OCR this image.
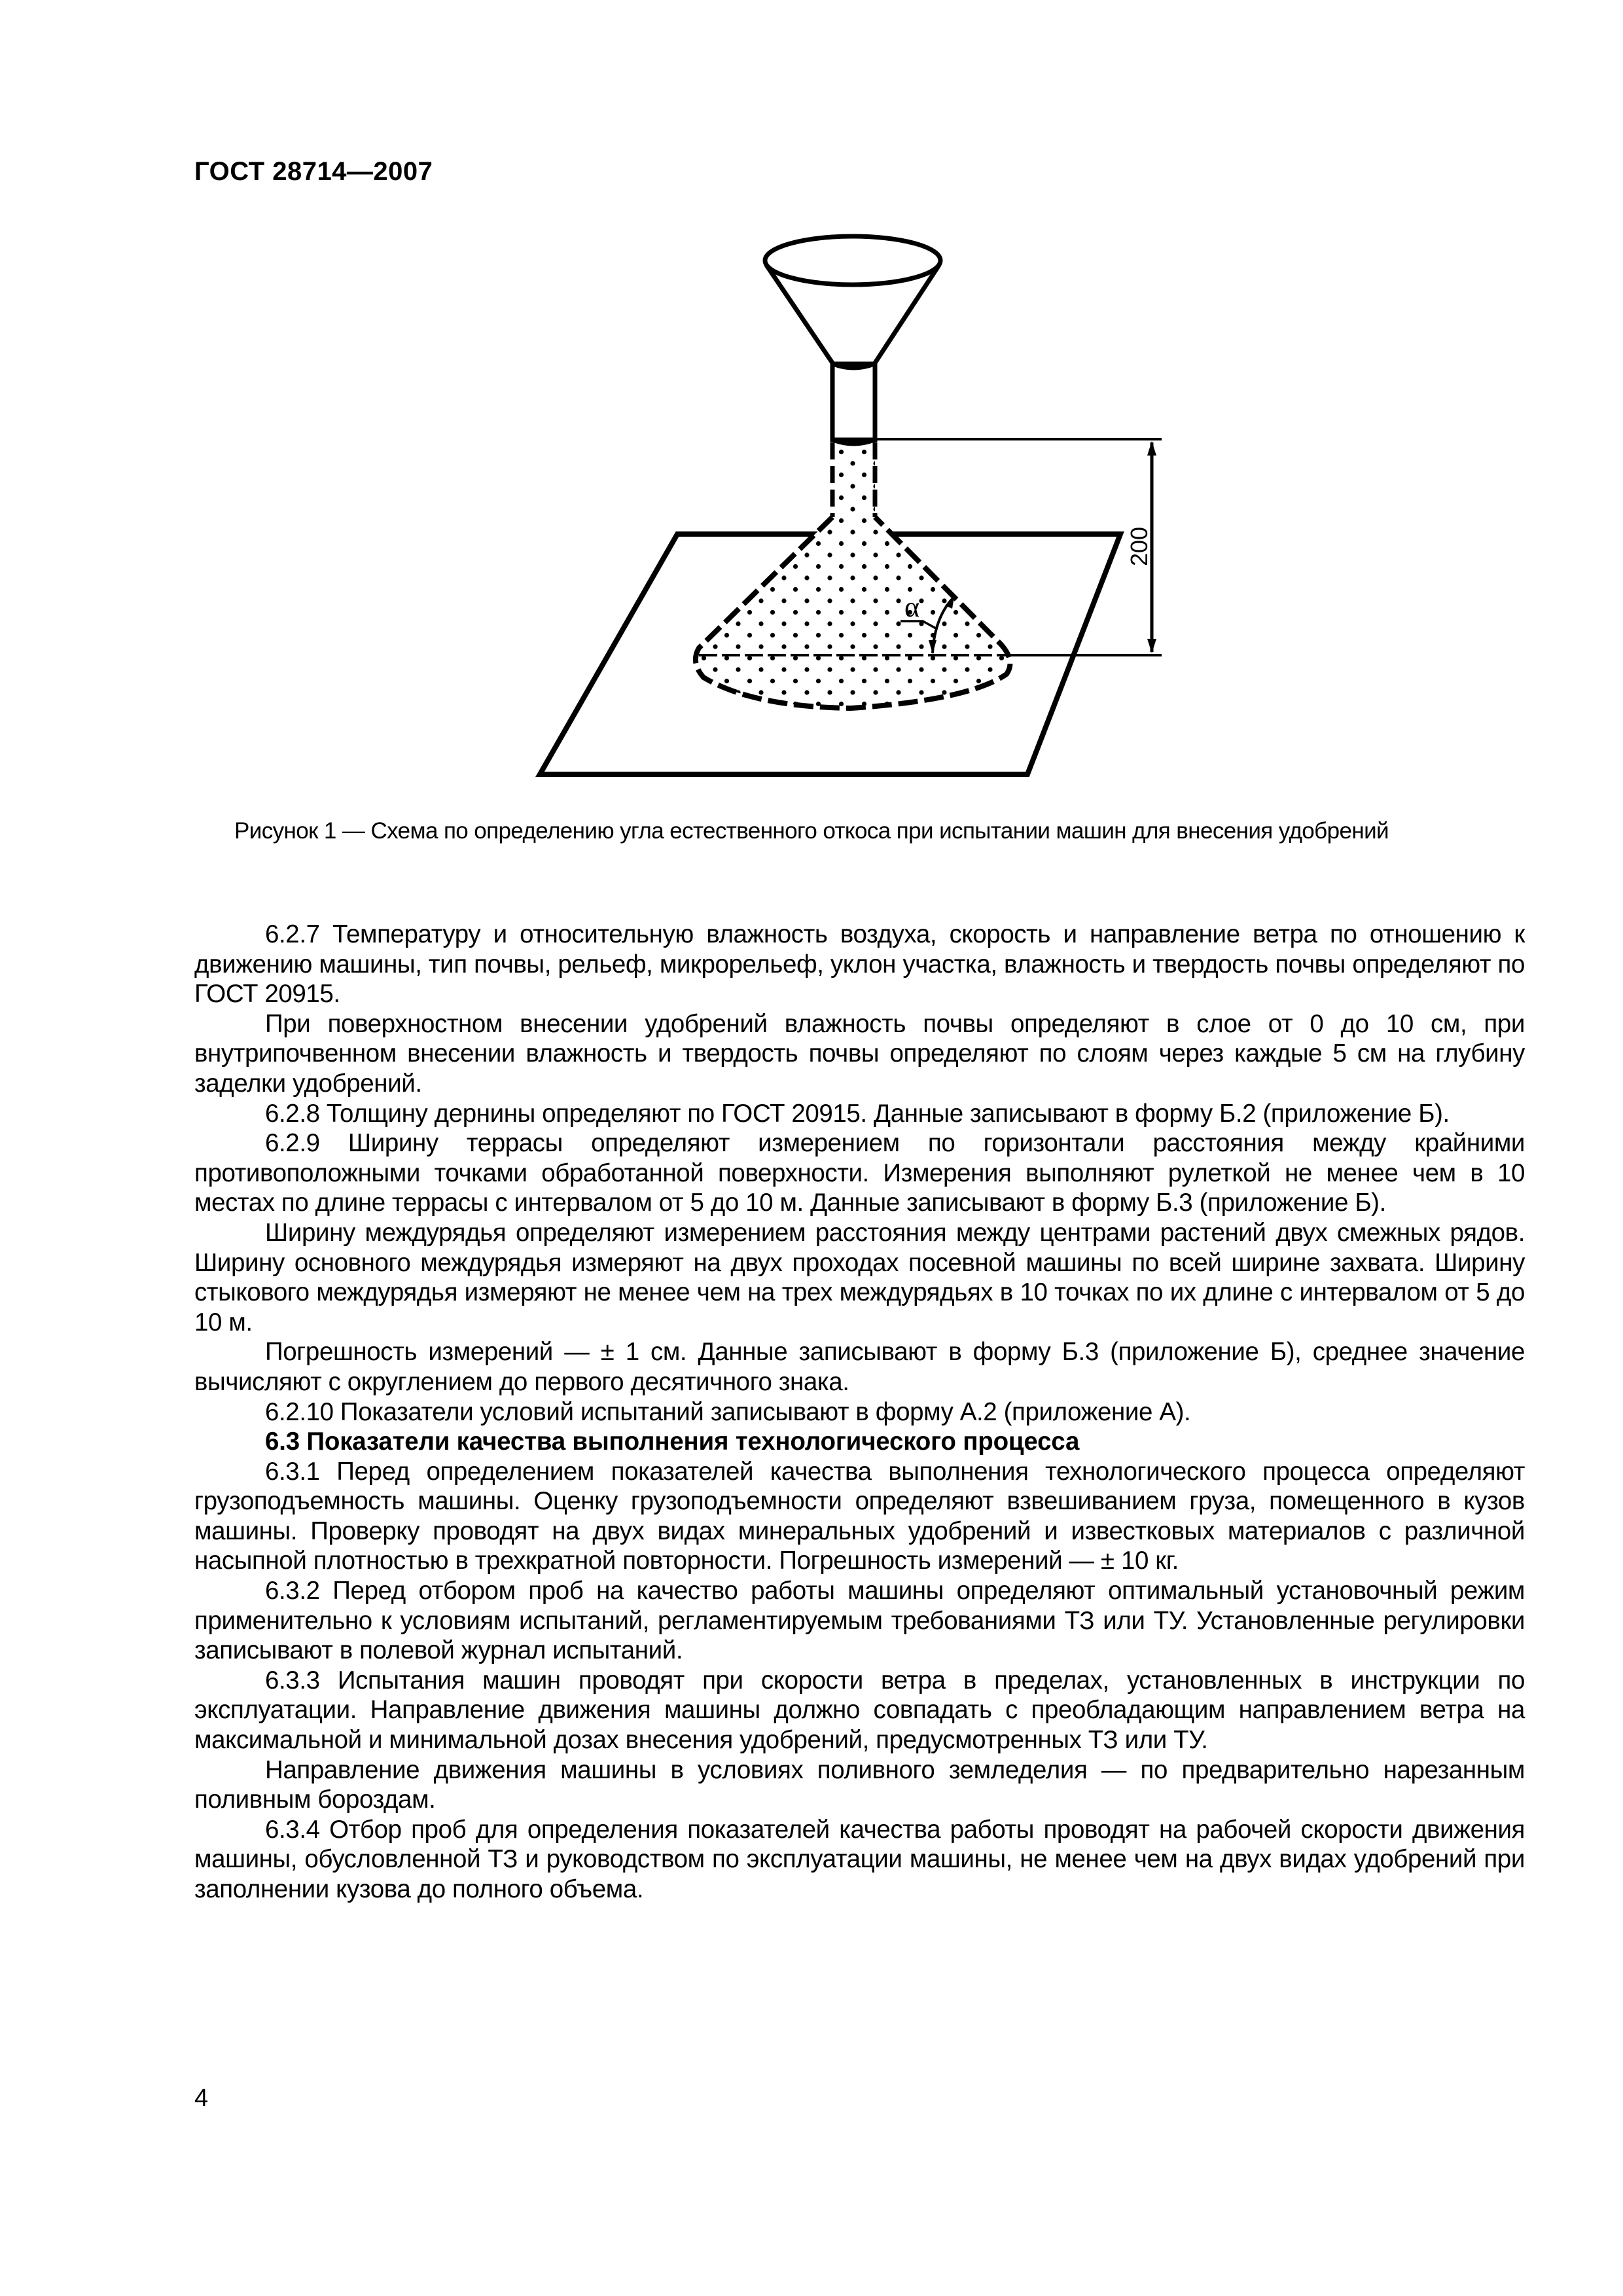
ГОСТ 28714—2007
200
α
Рисунок 1 — Схема по определению угла естественного откоса при испытании машин для внесения удобрений

6.2.7 Температуру и относительную влажность воздуха, скорость и направление ветра по отношению к движению машины, тип почвы, рельеф, микрорельеф, уклон участка, влажность и твердость почвы определяют по ГОСТ 20915.

При поверхностном внесении удобрений влажность почвы определяют в слое от 0 до 10 см, при внутрипочвенном внесении влажность и твердость почвы определяют по слоям через каждые 5 см на глубину заделки удобрений.

6.2.8 Толщину дернины определяют по ГОСТ 20915. Данные записывают в форму Б.2 (приложение Б).

6.2.9 Ширину террасы определяют измерением по горизонтали расстояния между крайними противоположными точками обработанной поверхности. Измерения выполняют рулеткой не менее чем в 10 местах по длине террасы с интервалом от 5 до 10 м. Данные записывают в форму Б.3 (приложение Б).

Ширину междурядья определяют измерением расстояния между центрами растений двух смежных рядов. Ширину основного междурядья измеряют на двух проходах посевной машины по всей ширине захвата. Ширину стыкового междурядья измеряют не менее чем на трех междурядьях в 10 точках по их длине с интервалом от 5 до 10 м.

Погрешность измерений — ± 1 см. Данные записывают в форму Б.3 (приложение Б), среднее значение вычисляют с округлением до первого десятичного знака.

6.2.10 Показатели условий испытаний записывают в форму А.2 (приложение А).

6.3 Показатели качества выполнения технологического процесса

6.3.1 Перед определением показателей качества выполнения технологического процесса определяют грузоподъемность машины. Оценку грузоподъемности определяют взвешиванием груза, помещенного в кузов машины. Проверку проводят на двух видах минеральных удобрений и известковых материалов с различной насыпной плотностью в трехкратной повторности. Погрешность измерений — ± 10 кг.

6.3.2 Перед отбором проб на качество работы машины определяют оптимальный установочный режим применительно к условиям испытаний, регламентируемым требованиями ТЗ или ТУ. Установленные регулировки записывают в полевой журнал испытаний.

6.3.3 Испытания машин проводят при скорости ветра в пределах, установленных в инструкции по эксплуатации. Направление движения машины должно совпадать с преобладающим направлением ветра на максимальной и минимальной дозах внесения удобрений, предусмотренных ТЗ или ТУ.

Направление движения машины в условиях поливного земледелия — по предварительно нарезанным поливным бороздам.

6.3.4 Отбор проб для определения показателей качества работы проводят на рабочей скорости движения машины, обусловленной ТЗ и руководством по эксплуатации машины, не менее чем на двух видах удобрений при заполнении кузова до полного объема.

4
